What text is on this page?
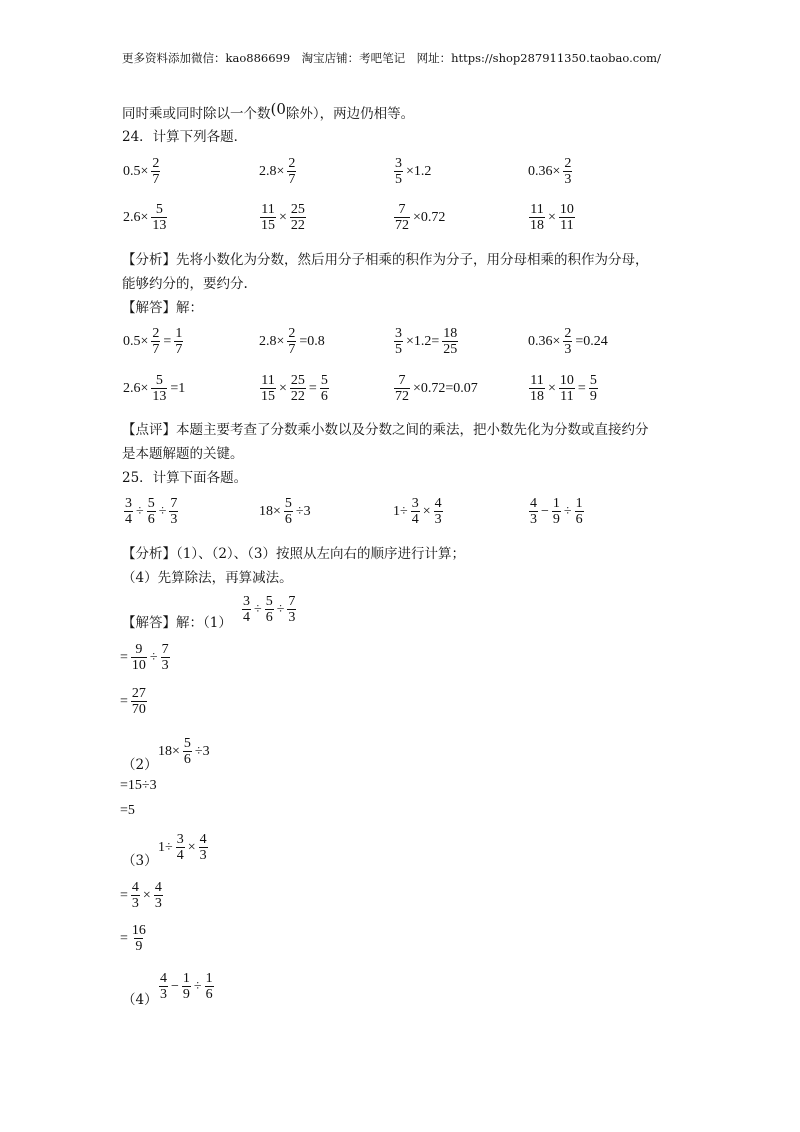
更多资料添加微信：kao886699　淘宝店铺：考吧笔记　网址：https://shop287911350.taobao.com/
同时乘或同时除以一个数(0除外），两边仍相等。
24．计算下列各题．
$0.5\times \frac{2}{7}$	$2.8\times \frac{2}{7}$	$\frac{3}{5} \times 1.2$	$0.36\times \frac{2}{3}$
$2.6\times \frac{5}{13}$	$\frac{11}{15} \times \frac{25}{22}$	$\frac{7}{72} \times 0.72$	$\frac{11}{18} \times \frac{10}{11}$
【分析】先将小数化为分数，然后用分子相乘的积作为分子，用分母相乘的积作为分母，
能够约分的，要约分.
【解答】解：
$0.5\times \frac{2}{7} = \frac{1}{7}$	$2.8\times \frac{2}{7} =0.8$	$\frac{3}{5} \times 1.2= \frac{18}{25}$	$0.36\times \frac{2}{3} =0.24$
$2.6\times \frac{5}{13} =1$	$\frac{11}{15} \times \frac{25}{22} = \frac{5}{6}$	$\frac{7}{72} \times 0.72=0.07$	$\frac{11}{18} \times \frac{10}{11} = \frac{5}{9}$
【点评】本题主要考查了分数乘小数以及分数之间的乘法，把小数先化为分数或直接约分
是本题解题的关键。
25．计算下面各题。
$\frac{3}{4} \div \frac{5}{6} \div \frac{7}{3}$	$18\times \frac{5}{6} \div 3$	$1\div \frac{3}{4} \times \frac{4}{3}$	$\frac{4}{3} - \frac{1}{9} \div \frac{1}{6}$
【分析】（1）、（2）、（3）按照从左向右的顺序进行计算；
（4）先算除法，再算减法。
【解答】解：$(1) \frac{3}{4} \div \frac{5}{6} \div \frac{7}{3}$
= $\frac{9}{10} \div \frac{7}{3}$
= $\frac{27}{70}$
（2）
$18\times \frac{5}{6} \div 3$
=15÷3
=5
（3）
$1\div \frac{3}{4} \times \frac{4}{3}$
= $\frac{4}{3} \times \frac{4}{3}$
= $\frac{16}{9}$
$(4) \frac{4}{3} - \frac{1}{9} \div \frac{1}{6}$
